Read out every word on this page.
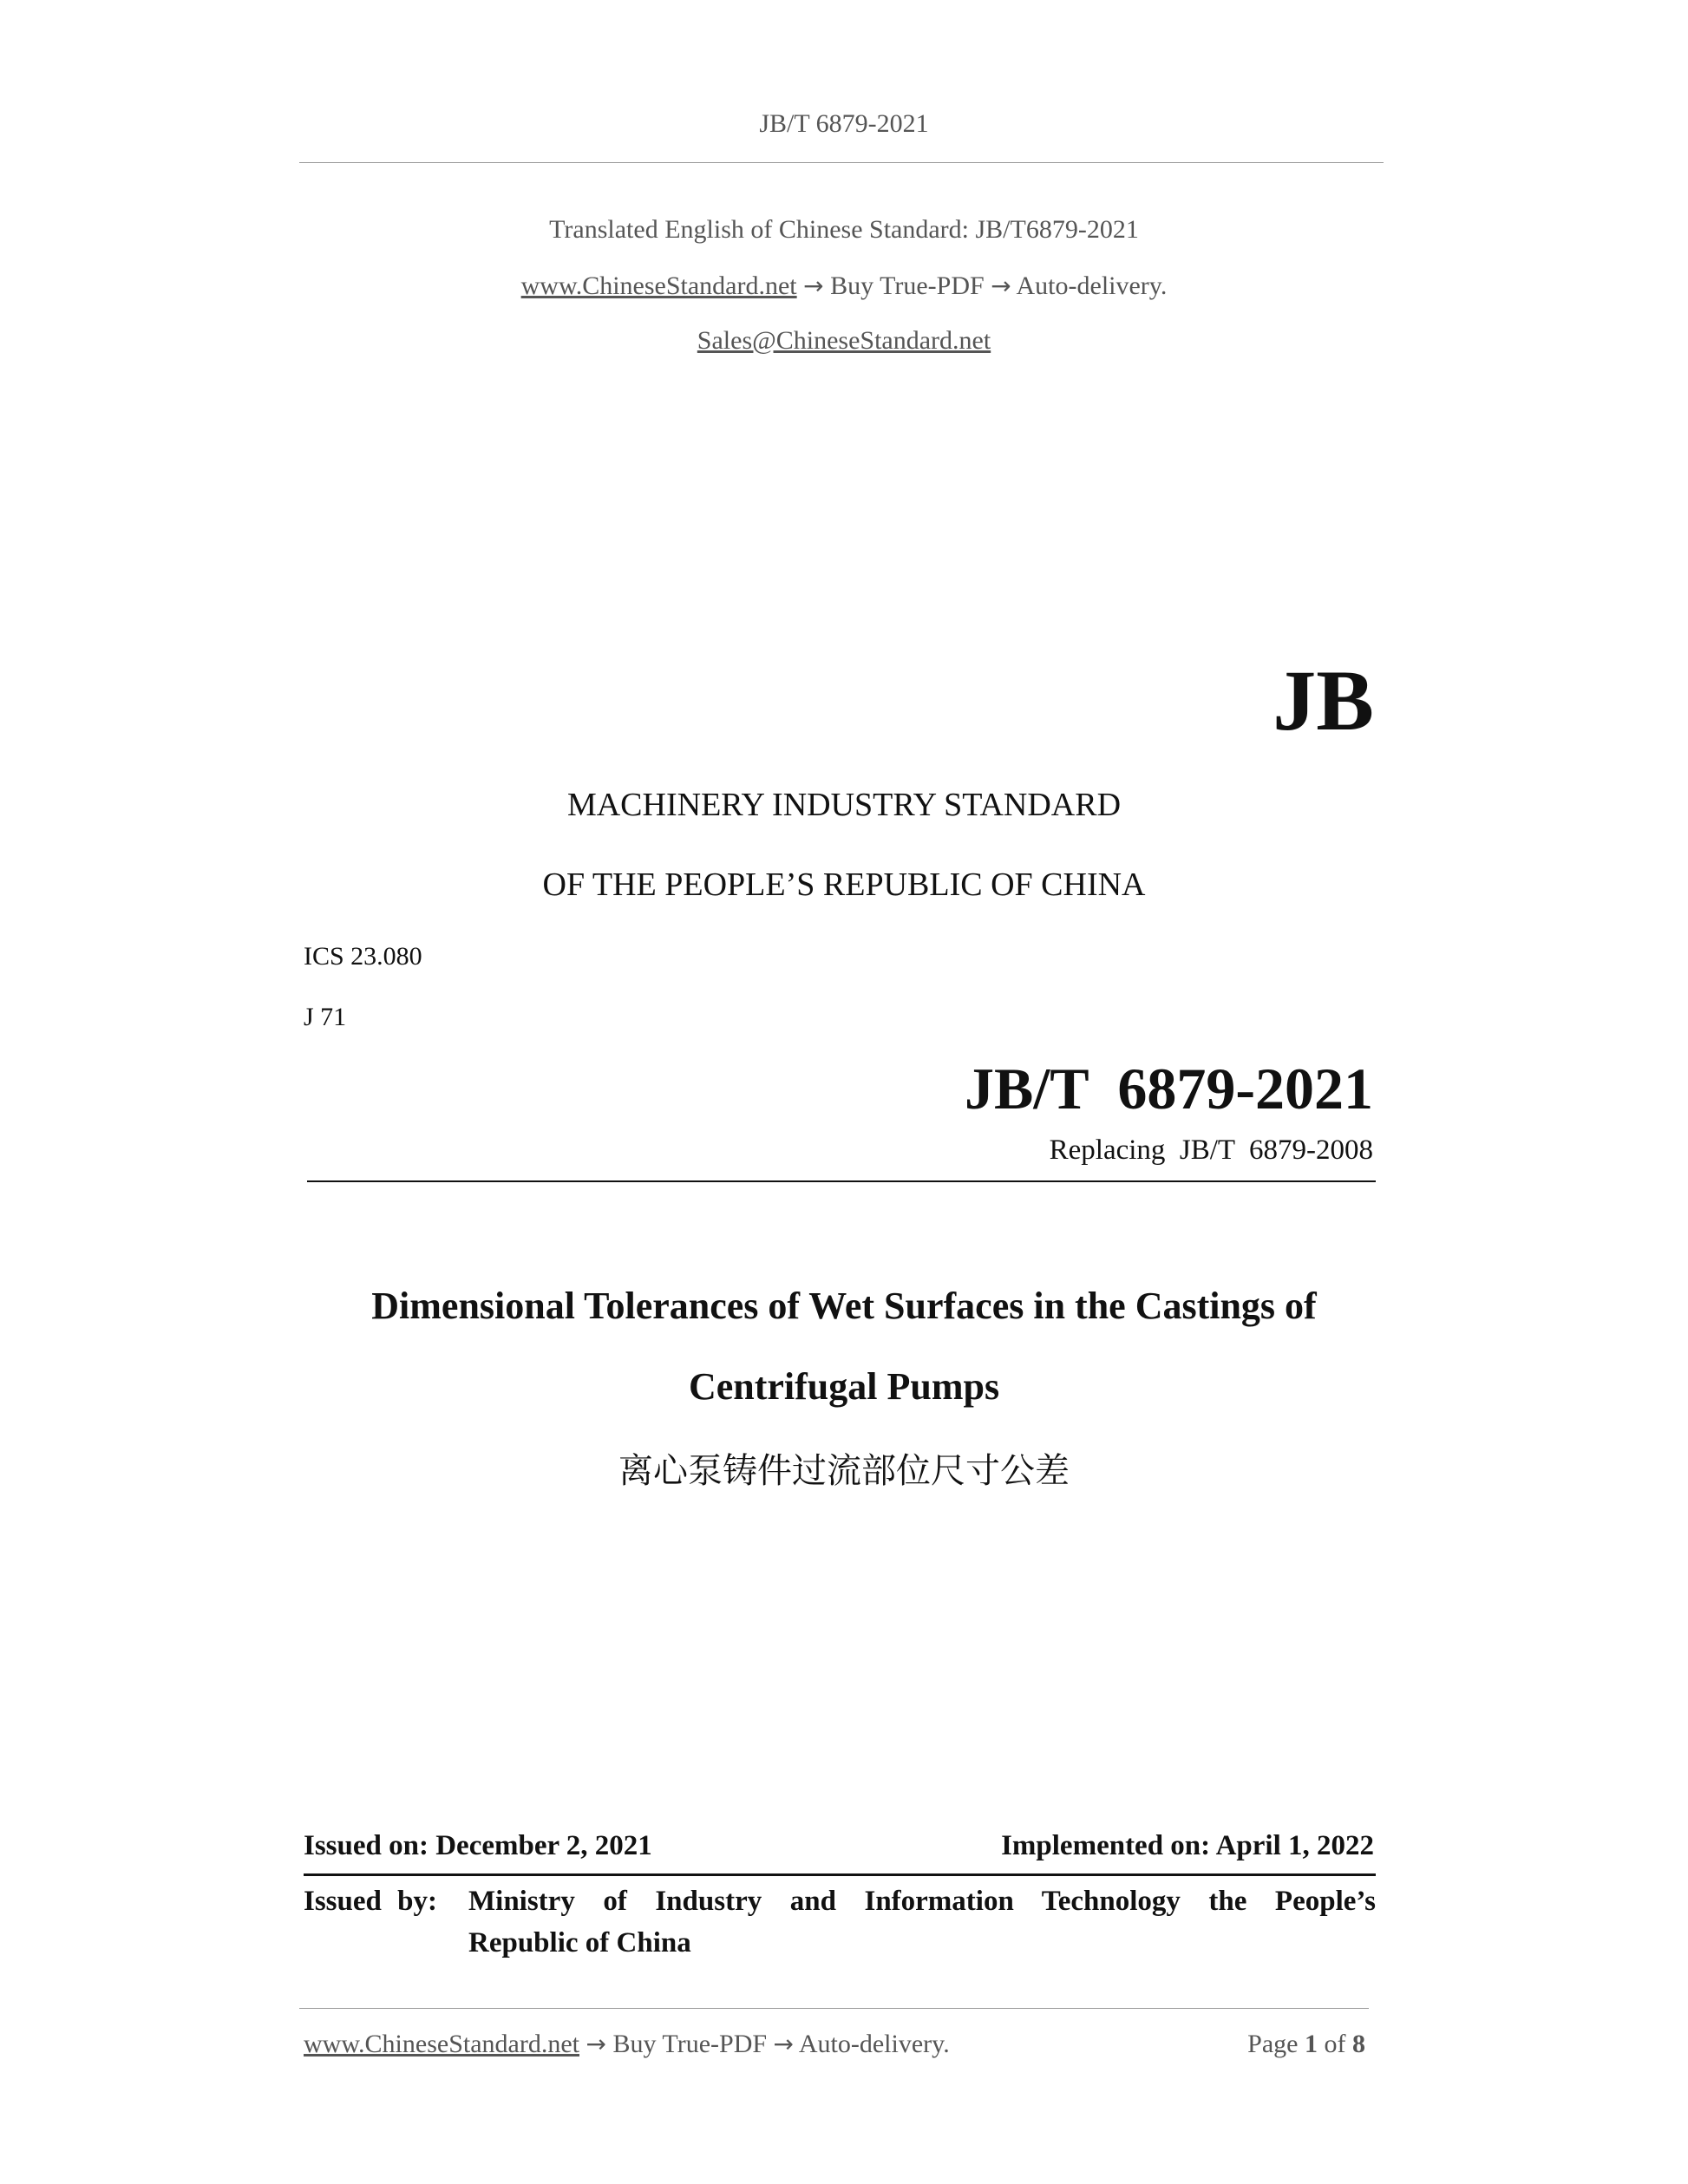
JB/T 6879-2021
Translated English of Chinese Standard: JB/T6879-2021
www.ChineseStandard.net → Buy True-PDF → Auto-delivery.
Sales@ChineseStandard.net
JB
MACHINERY INDUSTRY STANDARD
OF THE PEOPLE’S REPUBLIC OF CHINA
ICS 23.080
J 71
JB/T  6879-2021
Replacing  JB/T  6879-2008
Dimensional Tolerances of Wet Surfaces in the Castings of
Centrifugal Pumps
离心泵铸件过流部位尺寸公差
Issued on: December 2, 2021	Implemented on: April 1, 2022
Issued by: Ministry of Industry and Information Technology the People’s
Republic of China
www.ChineseStandard.net → Buy True-PDF → Auto-delivery.	Page 1 of 8
